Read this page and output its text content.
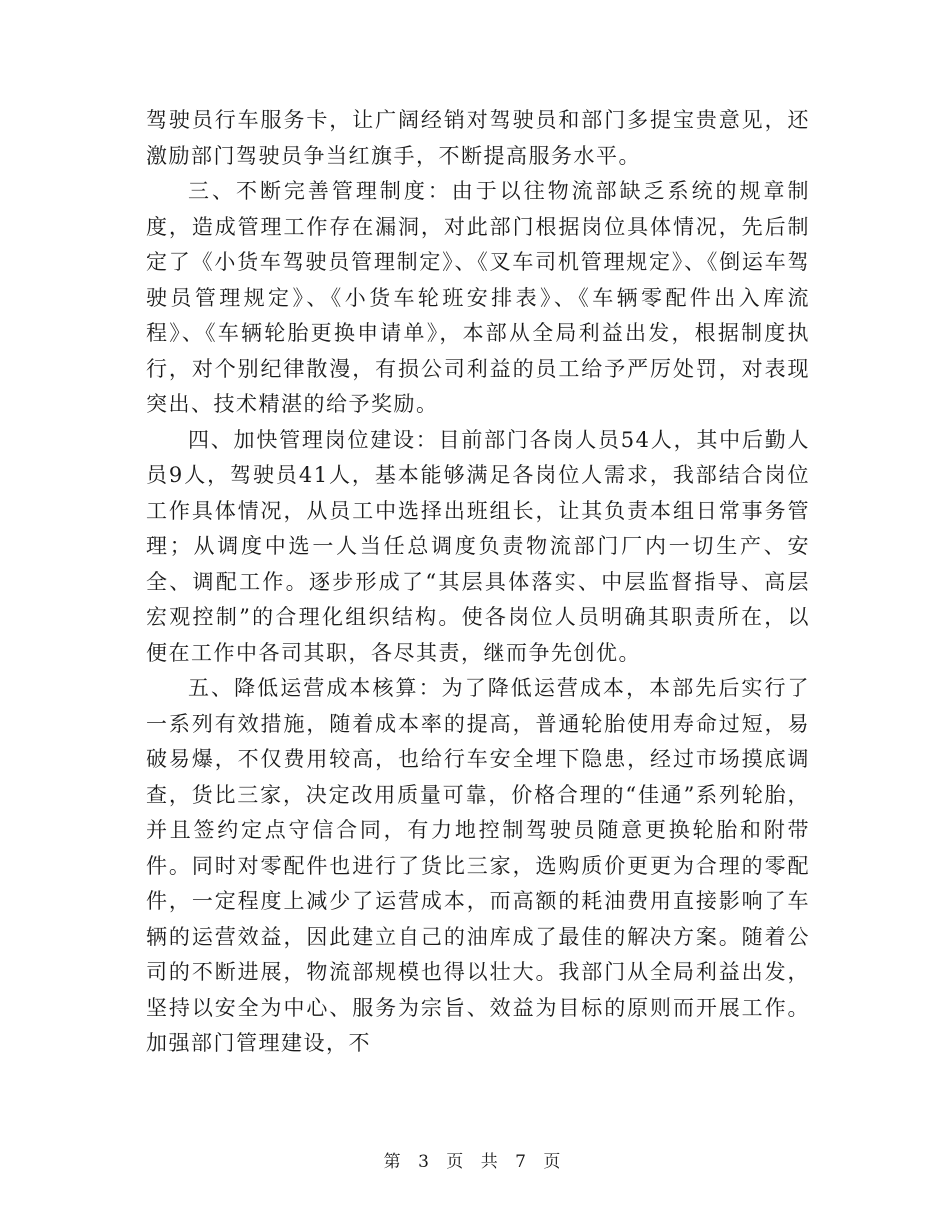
驾驶员行车服务卡，让广阔经销对驾驶员和部门多提宝贵意见，还激励部门驾驶员争当红旗手，不断提高服务水平。

三、不断完善管理制度：由于以往物流部缺乏系统的规章制度，造成管理工作存在漏洞，对此部门根据岗位具体情况，先后制定了《小货车驾驶员管理制定》、《叉车司机管理规定》、《倒运车驾驶员管理规定》、《小货车轮班安排表》、《车辆零配件出入库流程》、《车辆轮胎更换申请单》，本部从全局利益出发，根据制度执行，对个别纪律散漫，有损公司利益的员工给予严厉处罚，对表现突出、技术精湛的给予奖励。

四、加快管理岗位建设：目前部门各岗人员54人，其中后勤人员9人，驾驶员41人，基本能够满足各岗位人需求，我部结合岗位工作具体情况，从员工中选择出班组长，让其负责本组日常事务管理；从调度中选一人当任总调度负责物流部门厂内一切生产、安全、调配工作。逐步形成了“其层具体落实、中层监督指导、高层宏观控制”的合理化组织结构。使各岗位人员明确其职责所在，以便在工作中各司其职，各尽其责，继而争先创优。

五、降低运营成本核算：为了降低运营成本，本部先后实行了一系列有效措施，随着成本率的提高，普通轮胎使用寿命过短，易破易爆，不仅费用较高，也给行车安全埋下隐患，经过市场摸底调查，货比三家，决定改用质量可靠，价格合理的“佳通”系列轮胎，并且签约定点守信合同，有力地控制驾驶员随意更换轮胎和附带件。同时对零配件也进行了货比三家，选购质价更更为合理的零配件，一定程度上减少了运营成本，而高额的耗油费用直接影响了车辆的运营效益，因此建立自己的油库成了最佳的解决方案。随着公司的不断进展，物流部规模也得以壮大。我部门从全局利益出发，坚持以安全为中心、服务为宗旨、效益为目标的原则而开展工作。加强部门管理建设，不

第 3 页 共 7 页
